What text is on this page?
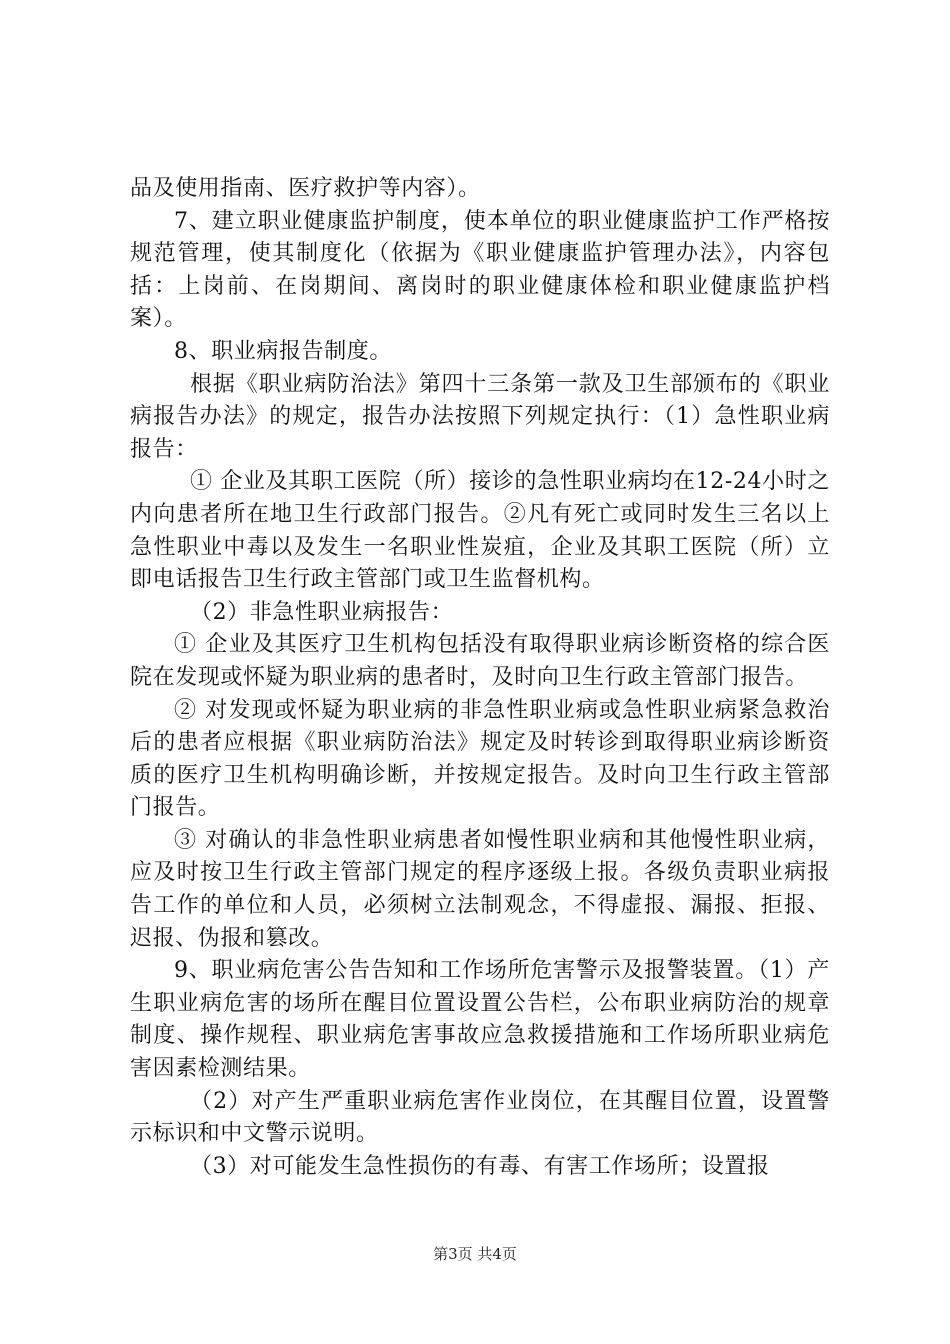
品及使用指南、医疗救护等内容）。

7、建立职业健康监护制度，使本单位的职业健康监护工作严格按规范管理，使其制度化（依据为《职业健康监护管理办法》，内容包括：上岗前、在岗期间、离岗时的职业健康体检和职业健康监护档案）。

8、职业病报告制度。

根据《职业病防治法》第四十三条第一款及卫生部颁布的《职业病报告办法》的规定，报告办法按照下列规定执行：（1）急性职业病报告：

① 企业及其职工医院（所）接诊的急性职业病均在12-24小时之内向患者所在地卫生行政部门报告。②凡有死亡或同时发生三名以上急性职业中毒以及发生一名职业性炭疽，企业及其职工医院（所）立即电话报告卫生行政主管部门或卫生监督机构。

（2）非急性职业病报告：

① 企业及其医疗卫生机构包括没有取得职业病诊断资格的综合医院在发现或怀疑为职业病的患者时，及时向卫生行政主管部门报告。

② 对发现或怀疑为职业病的非急性职业病或急性职业病紧急救治后的患者应根据《职业病防治法》规定及时转诊到取得职业病诊断资质的医疗卫生机构明确诊断，并按规定报告。及时向卫生行政主管部门报告。

③ 对确认的非急性职业病患者如慢性职业病和其他慢性职业病，应及时按卫生行政主管部门规定的程序逐级上报。各级负责职业病报告工作的单位和人员，必须树立法制观念，不得虚报、漏报、拒报、迟报、伪报和篡改。

9、职业病危害公告告知和工作场所危害警示及报警装置。（1）产生职业病危害的场所在醒目位置设置公告栏，公布职业病防治的规章制度、操作规程、职业病危害事故应急救援措施和工作场所职业病危害因素检测结果。

（2）对产生严重职业病危害作业岗位，在其醒目位置，设置警示标识和中文警示说明。

（3）对可能发生急性损伤的有毒、有害工作场所；设置报

第3页 共4页
